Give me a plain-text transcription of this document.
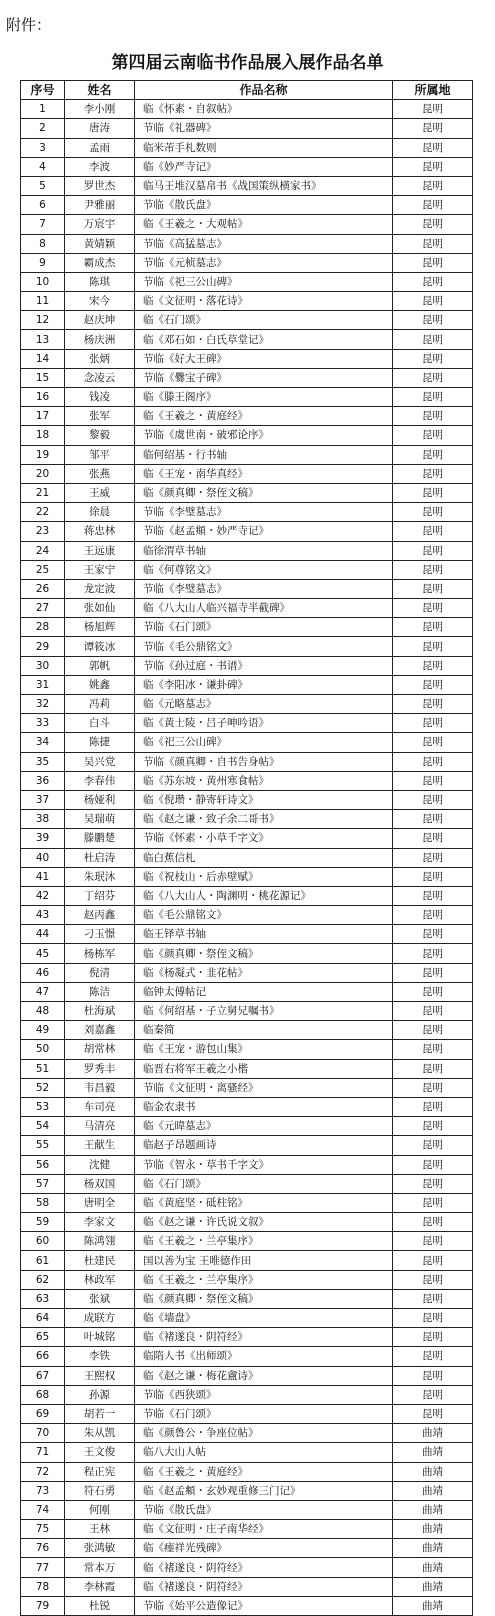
附件：
第四届云南临书作品展入展作品名单
序号	姓名	作品名称	所属地
1	李小刚	临《怀素・自叙帖》	昆明
2	唐涛	节临《礼器碑》	昆明
3	孟雨	临米芾手札数则	昆明
4	李波	临《妙严寺记》	昆明
5	罗世杰	临马王堆汉墓帛书《战国策纵横家书》	昆明
6	尹雅丽	节临《散氏盘》	昆明
7	万宸宇	临《王羲之・大观帖》	昆明
8	黄婧颖	节临《高猛墓志》	昆明
9	霸成杰	节临《元桢墓志》	昆明
10	陈琪	节临《祀三公山碑》	昆明
11	宋今	临《文征明・落花诗》	昆明
12	赵庆坤	临《石门颂》	昆明
13	杨庆洲	临《邓石如・白氏草堂记》	昆明
14	张炳	节临《好大王碑》	昆明
15	念凌云	节临《爨宝子碑》	昆明
16	钱凌	临《滕王阁序》	昆明
17	张军	临《王羲之・黄庭经》	昆明
18	黎毅	节临《虞世南・破邪论序》	昆明
19	邹平	临何绍基・行书轴	昆明
20	张燕	临《王宠・南华真经》	昆明
21	王威	临《颜真卿・祭侄文稿》	昆明
22	徐晨	节临《李璧墓志》	昆明
23	蒋忠林	节临《赵孟頫・妙严寺记》	昆明
24	王远康	临徐渭草书轴	昆明
25	王家宁	临《何尊铭文》	昆明
26	龙定波	节临《李璧墓志》	昆明
27	张如仙	临《八大山人临兴福寺半截碑》	昆明
28	杨旭辉	节临《石门颂》	昆明
29	谭筱冰	节临《毛公鼎铭文》	昆明
30	郭帆	节临《孙过庭・书谱》	昆明
31	姚鑫	临《李阳冰・谦卦碑》	昆明
32	冯莉	临《元略墓志》	昆明
33	白斗	临《黄士陵・吕子呻吟语》	昆明
34	陈捷	临《祀三公山碑》	昆明
35	吴兴党	节临《颜真卿・自书告身帖》	昆明
36	李春伟	临《苏东坡・黄州寒食帖》	昆明
37	杨娅利	临《倪瓒・静寄轩诗文》	昆明
38	吴瑞萌	临《赵之谦・致子余二哥书》	昆明
39	滕鹏楚	节临《怀素・小草千字文》	昆明
40	杜启涛	临白蕉信札	昆明
41	朱珉沐	临《祝枝山・后赤壁赋》	昆明
42	丁绍芬	临《八大山人・陶渊明・桃花源记》	昆明
43	赵丙鑫	临《毛公鼎铭文》	昆明
44	刁玉憬	临王铎草书轴	昆明
45	杨栋军	临《颜真卿・祭侄文稿》	昆明
46	倪清	临《杨凝式・韭花帖》	昆明
47	陈洁	临钟太傅帖记	昆明
48	杜海斌	临《何绍基・子立舅兄嘱书》	昆明
49	刘嘉鑫	临秦简	昆明
50	胡常林	临《王宠・游包山集》	昆明
51	罗秀丰	临晋右将军王羲之小楷	昆明
52	韦昌毅	节临《文征明・离骚经》	昆明
53	车司亮	临金农隶书	昆明
54	马清亮	临《元暐墓志》	昆明
55	王献生	临赵子昂题画诗	昆明
56	沈健	节临《智永・草书千字文》	昆明
57	杨双国	临《石门颂》	昆明
58	唐明全	临《黄庭坚・砥柱铭》	昆明
59	李家文	临《赵之谦・许氏说文叙》	昆明
60	陈鸿翎	临《王羲之・兰亭集序》	昆明
61	杜建民	国以善为宝 王唯德作田	昆明
62	林政军	临《王羲之・兰亭集序》	昆明
63	张斌	临《颜真卿・祭侄文稿》	昆明
64	成联方	临《墙盘》	昆明
65	叶城铭	临《褚遂良・阴符经》	昆明
66	李铁	临隋人书《出师颂》	昆明
67	王熙权	临《赵之谦・梅花盦诗》	昆明
68	孙源	节临《西狭颂》	昆明
69	胡若一	节临《石门颂》	昆明
70	朱从凯	临《颜鲁公・争座位帖》	曲靖
71	王文俊	临八大山人帖	曲靖
72	程正宪	临《王羲之・黄庭经》	曲靖
73	符石勇	临《赵孟頫・玄妙观重修三门记》	曲靖
74	何刚	节临《散氏盘》	曲靖
75	王林	临《文征明・庄子南华经》	曲靖
76	张鸿敏	临《瘗祥光残碑》	曲靖
77	常本万	临《褚遂良・阴符经》	曲靖
78	李林霞	临《褚遂良・阴符经》	曲靖
79	杜锐	节临《始平公造像记》	曲靖
